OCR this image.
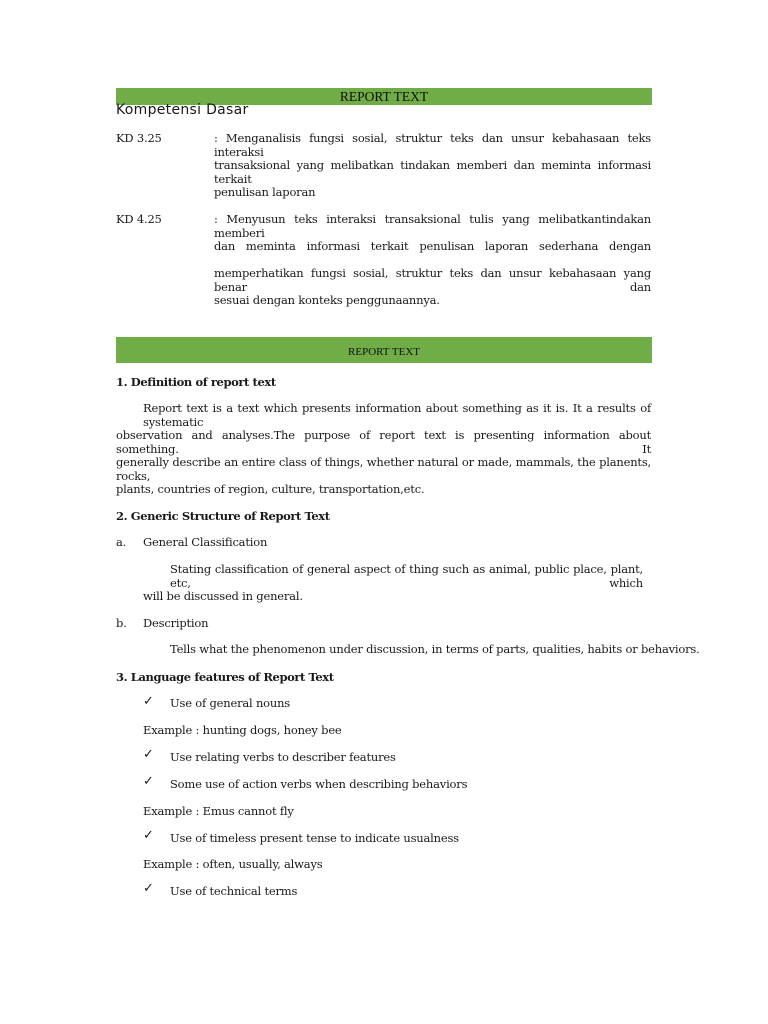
REPORT TEXT
Kompetensi Dasar
KD 3.25	: Menganalisis fungsi sosial, struktur teks dan unsur kebahasaan teks interaksi
transaksional yang melibatkan tindakan memberi dan meminta informasi terkait
penulisan laporan
KD 4.25	: Menyusun teks interaksi transaksional tulis yang melibatkantindakan memberi
dan meminta informasi terkait penulisan laporan sederhana dengan
memperhatikan fungsi sosial, struktur teks dan unsur kebahasaan yang benar dan
sesuai dengan konteks penggunaannya.
REPORT TEXT
1. Definition of report text
Report text is a text which presents information about something as it is. It a results of systematic
observation and analyses.The purpose of report text is presenting information about something. It
generally describe an entire class of things, whether natural or made, mammals, the planents, rocks,
plants, countries of region, culture, transportation,etc.
2. Generic Structure of Report Text
a. General Classification
Stating classification of general aspect of thing such as animal, public place, plant, etc, which
will be discussed in general.
b. Description
Tells what the phenomenon under discussion, in terms of parts, qualities, habits or behaviors.
3. Language features of Report Text
✓ Use of general nouns
Example : hunting dogs, honey bee
✓ Use relating verbs to describer features
✓ Some use of action verbs when describing behaviors
Example : Emus cannot fly
✓ Use of timeless present tense to indicate usualness
Example : often, usually, always
✓ Use of technical terms
